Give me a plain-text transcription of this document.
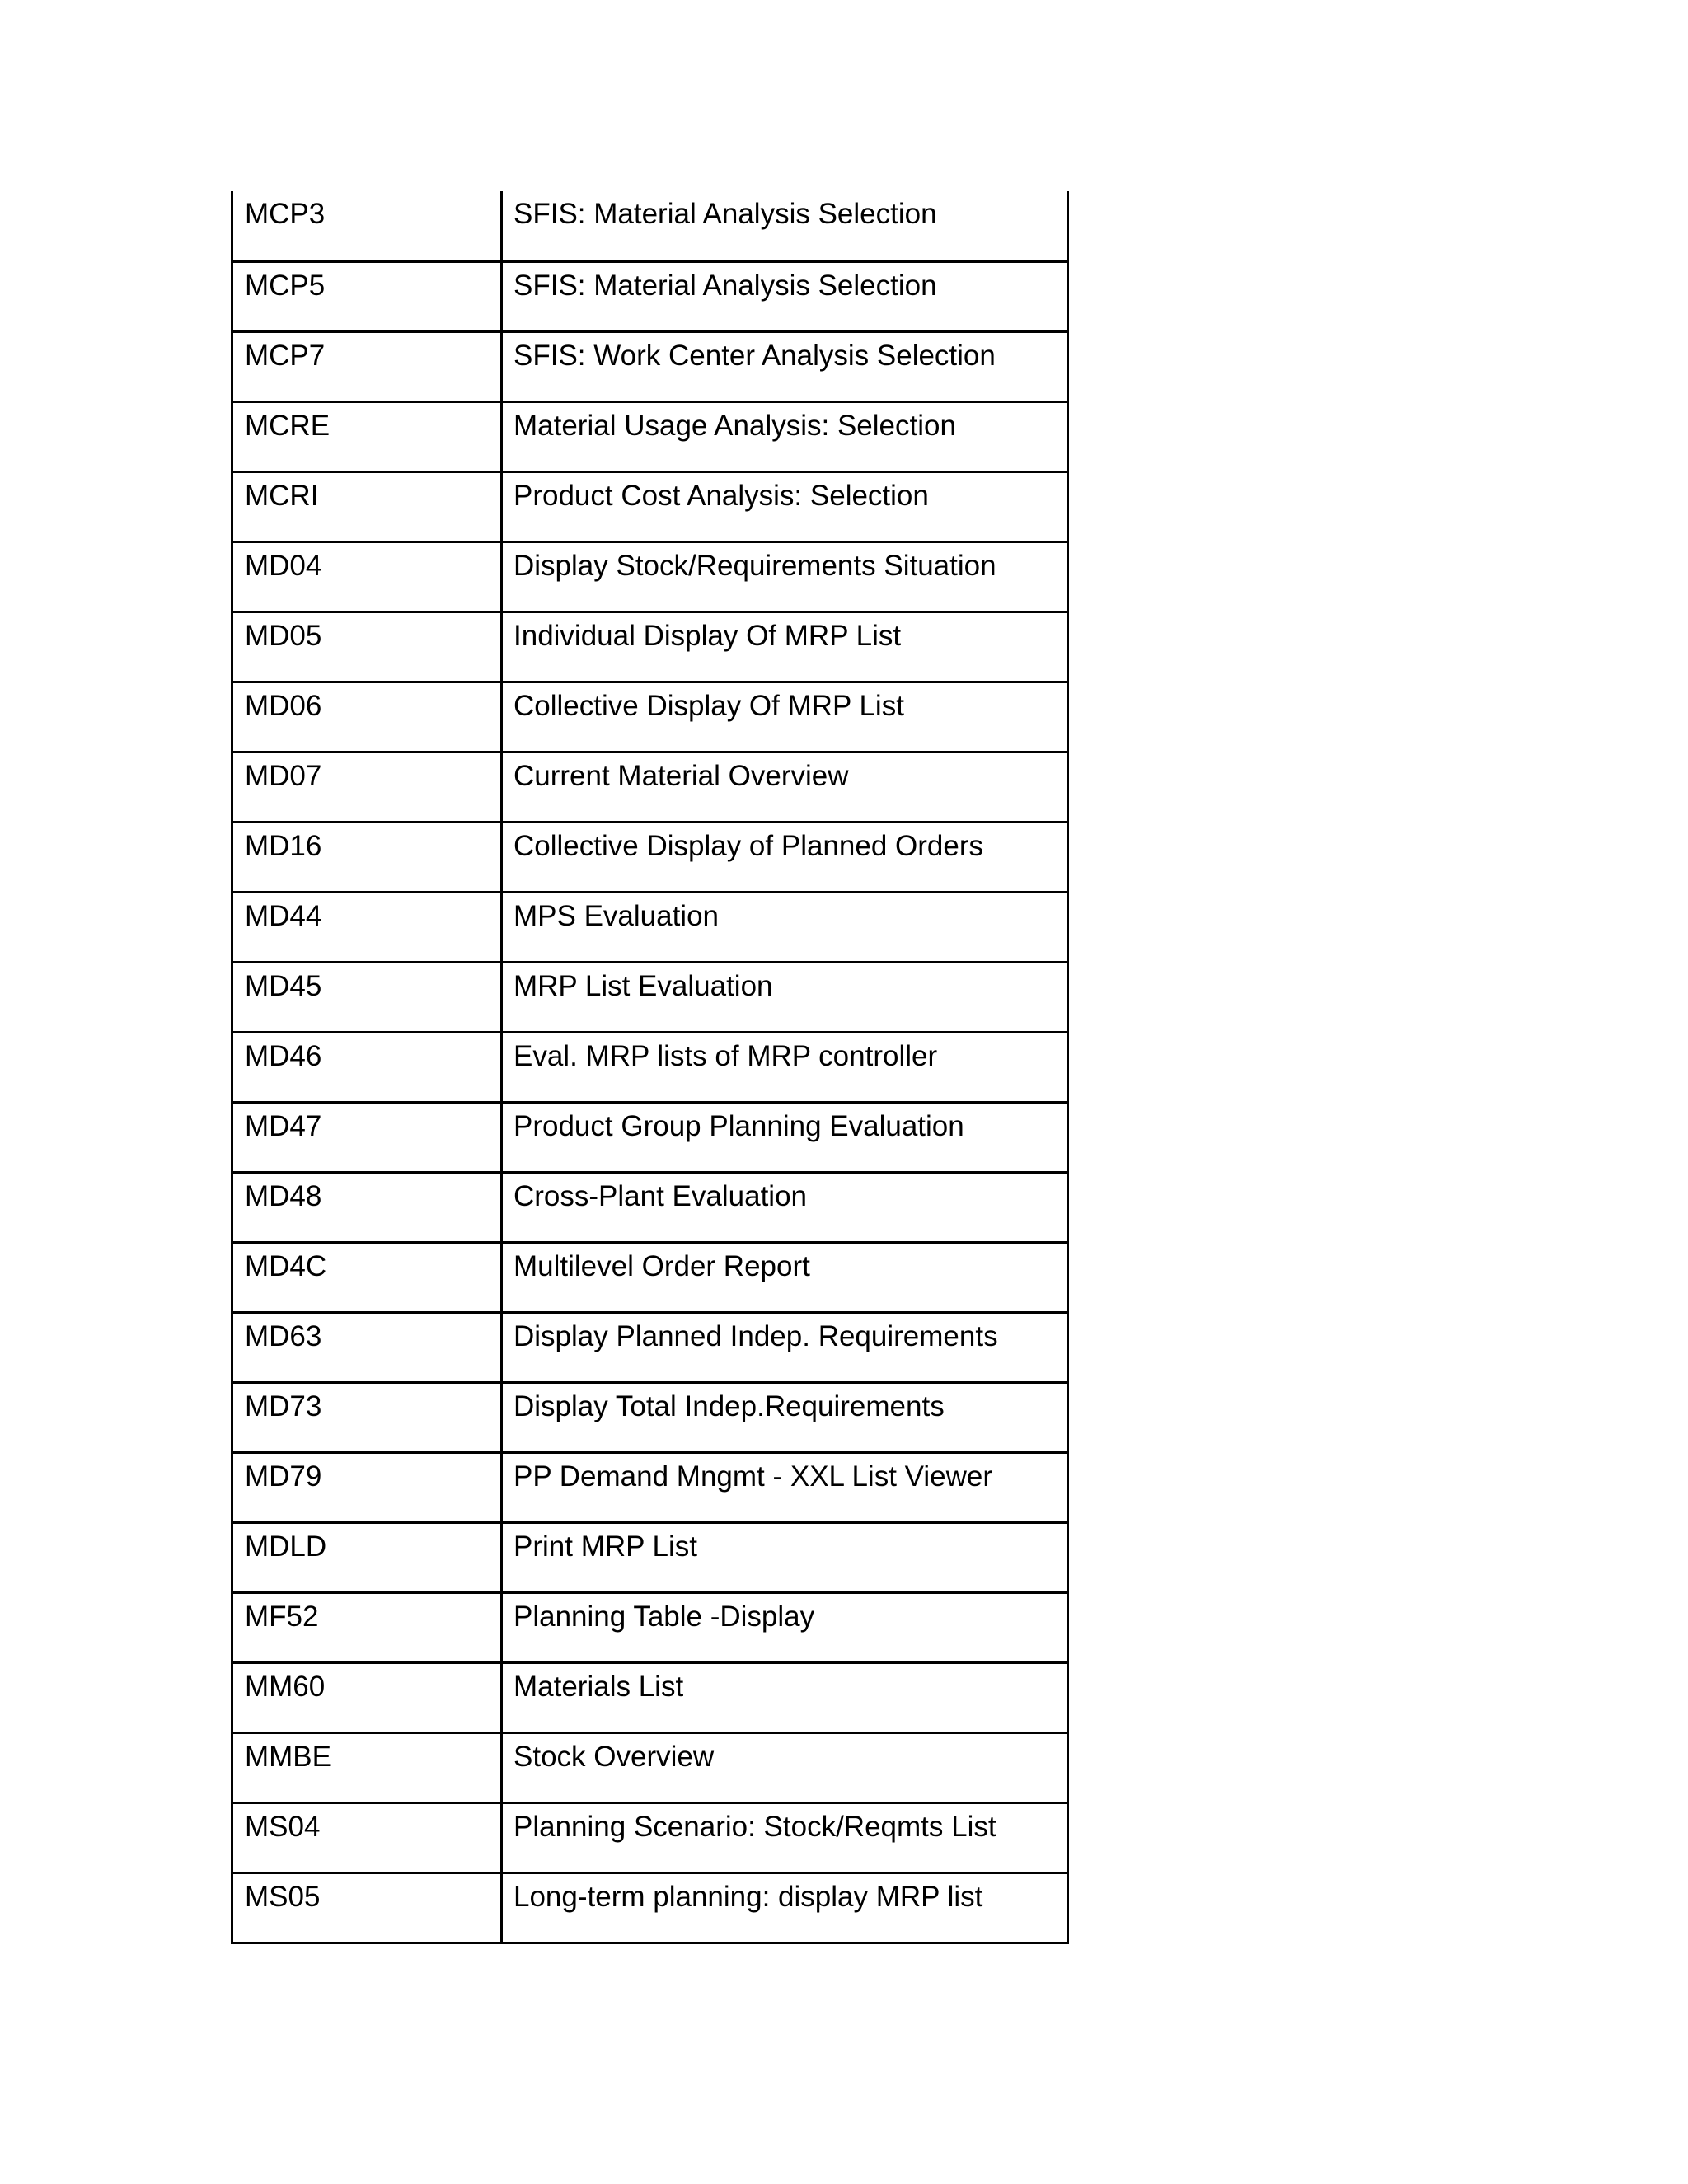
MCP3	SFIS: Material Analysis Selection
MCP5	SFIS: Material Analysis Selection
MCP7	SFIS: Work Center Analysis Selection
MCRE	Material Usage Analysis: Selection
MCRI	Product Cost Analysis: Selection
MD04	Display Stock/Requirements Situation
MD05	Individual Display Of MRP List
MD06	Collective Display Of MRP List
MD07	Current Material Overview
MD16	Collective Display of Planned Orders
MD44	MPS Evaluation
MD45	MRP List Evaluation
MD46	Eval. MRP lists of MRP controller
MD47	Product Group Planning Evaluation
MD48	Cross-Plant Evaluation
MD4C	Multilevel Order Report
MD63	Display Planned Indep. Requirements
MD73	Display Total Indep.Requirements
MD79	PP Demand Mngmt - XXL List Viewer
MDLD	Print MRP List
MF52	Planning Table -Display
MM60	Materials List
MMBE	Stock Overview
MS04	Planning Scenario: Stock/Reqmts List
MS05	Long-term planning: display MRP list
